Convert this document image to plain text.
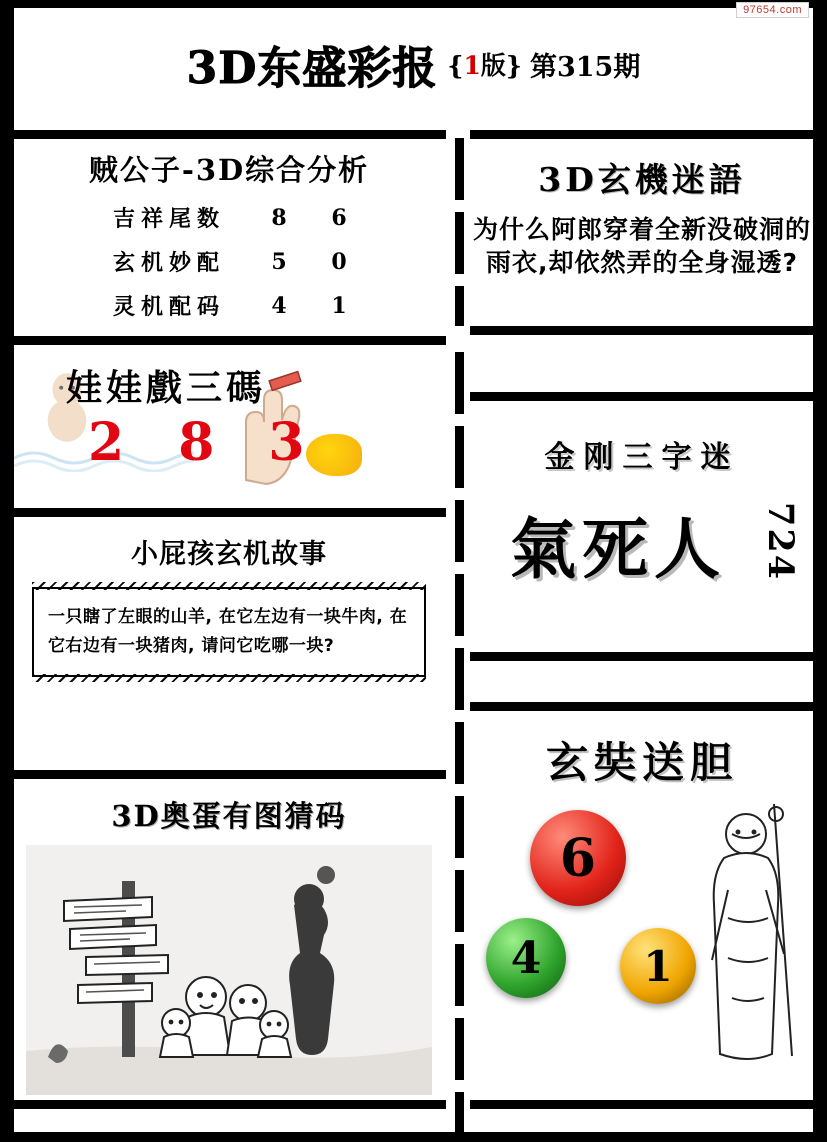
97654.com
3D东盛彩报 {1版} 第315期
贼公子-3D综合分析
吉祥尾数	8	6
玄机妙配	5	0
灵机配码	4	1
3D玄機迷語
为什么阿郎穿着全新没破洞的雨衣,却依然弄的全身湿透?
娃娃戲三碼
2 8 3	金刚三字迷
氣死人 724
小屁孩玄机故事
一只瞎了左眼的山羊, 在它左边有一块牛肉, 在它右边有一块猪肉, 请问它吃哪一块?
3D奥蛋有图猜码
玄奘送胆
6
4	1
